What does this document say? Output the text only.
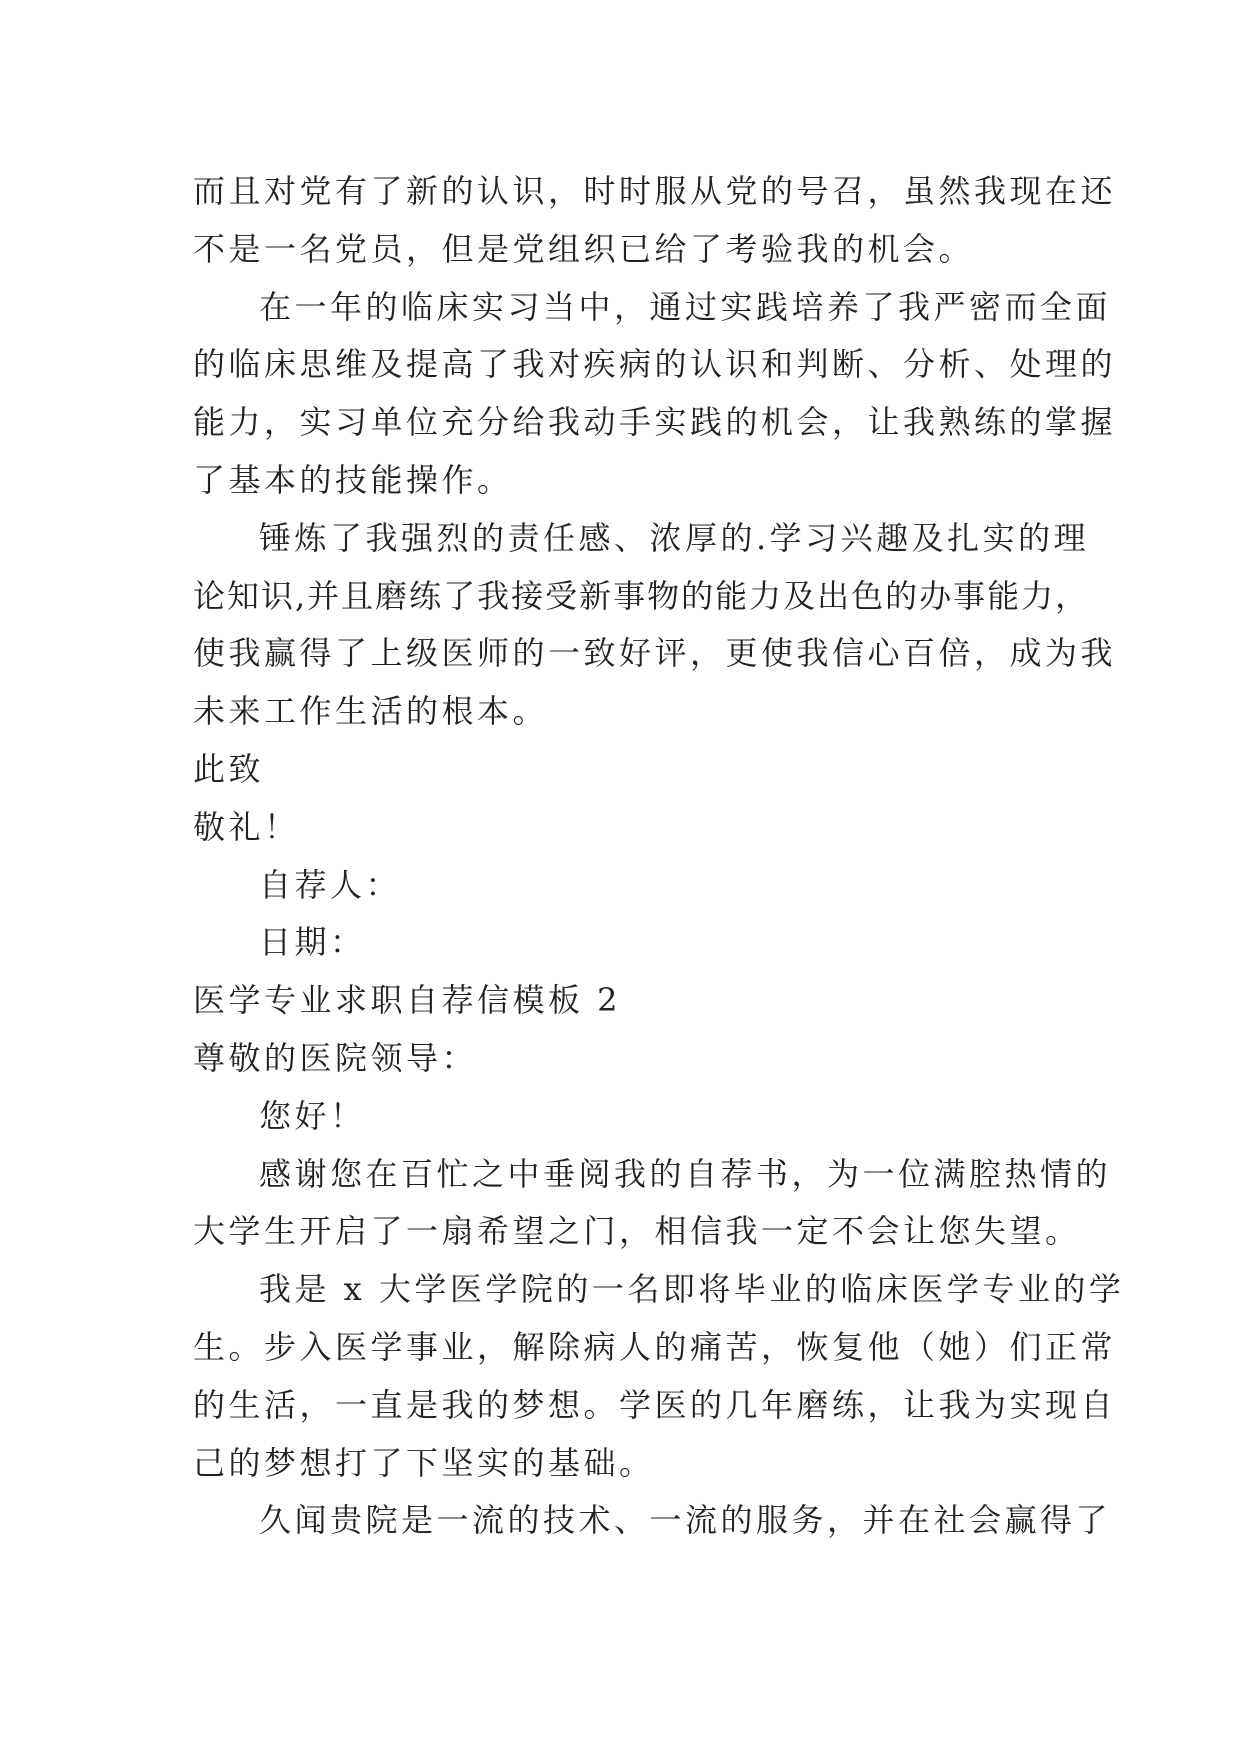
而且对党有了新的认识，时时服从党的号召，虽然我现在还

不是一名党员，但是党组织已给了考验我的机会。

在一年的临床实习当中，通过实践培养了我严密而全面

的临床思维及提高了我对疾病的认识和判断、分析、处理的

能力，实习单位充分给我动手实践的机会，让我熟练的掌握

了基本的技能操作。

锤炼了我强烈的责任感、浓厚的.学习兴趣及扎实的理

论知识,并且磨练了我接受新事物的能力及出色的办事能力，

使我赢得了上级医师的一致好评，更使我信心百倍，成为我

未来工作生活的根本。

此致

敬礼！

自荐人：

日期：

医学专业求职自荐信模板 2

尊敬的医院领导：

您好！

感谢您在百忙之中垂阅我的自荐书，为一位满腔热情的

大学生开启了一扇希望之门，相信我一定不会让您失望。

我是 x 大学医学院的一名即将毕业的临床医学专业的学

生。步入医学事业，解除病人的痛苦，恢复他（她）们正常

的生活，一直是我的梦想。学医的几年磨练，让我为实现自

己的梦想打了下坚实的基础。

久闻贵院是一流的技术、一流的服务，并在社会赢得了
